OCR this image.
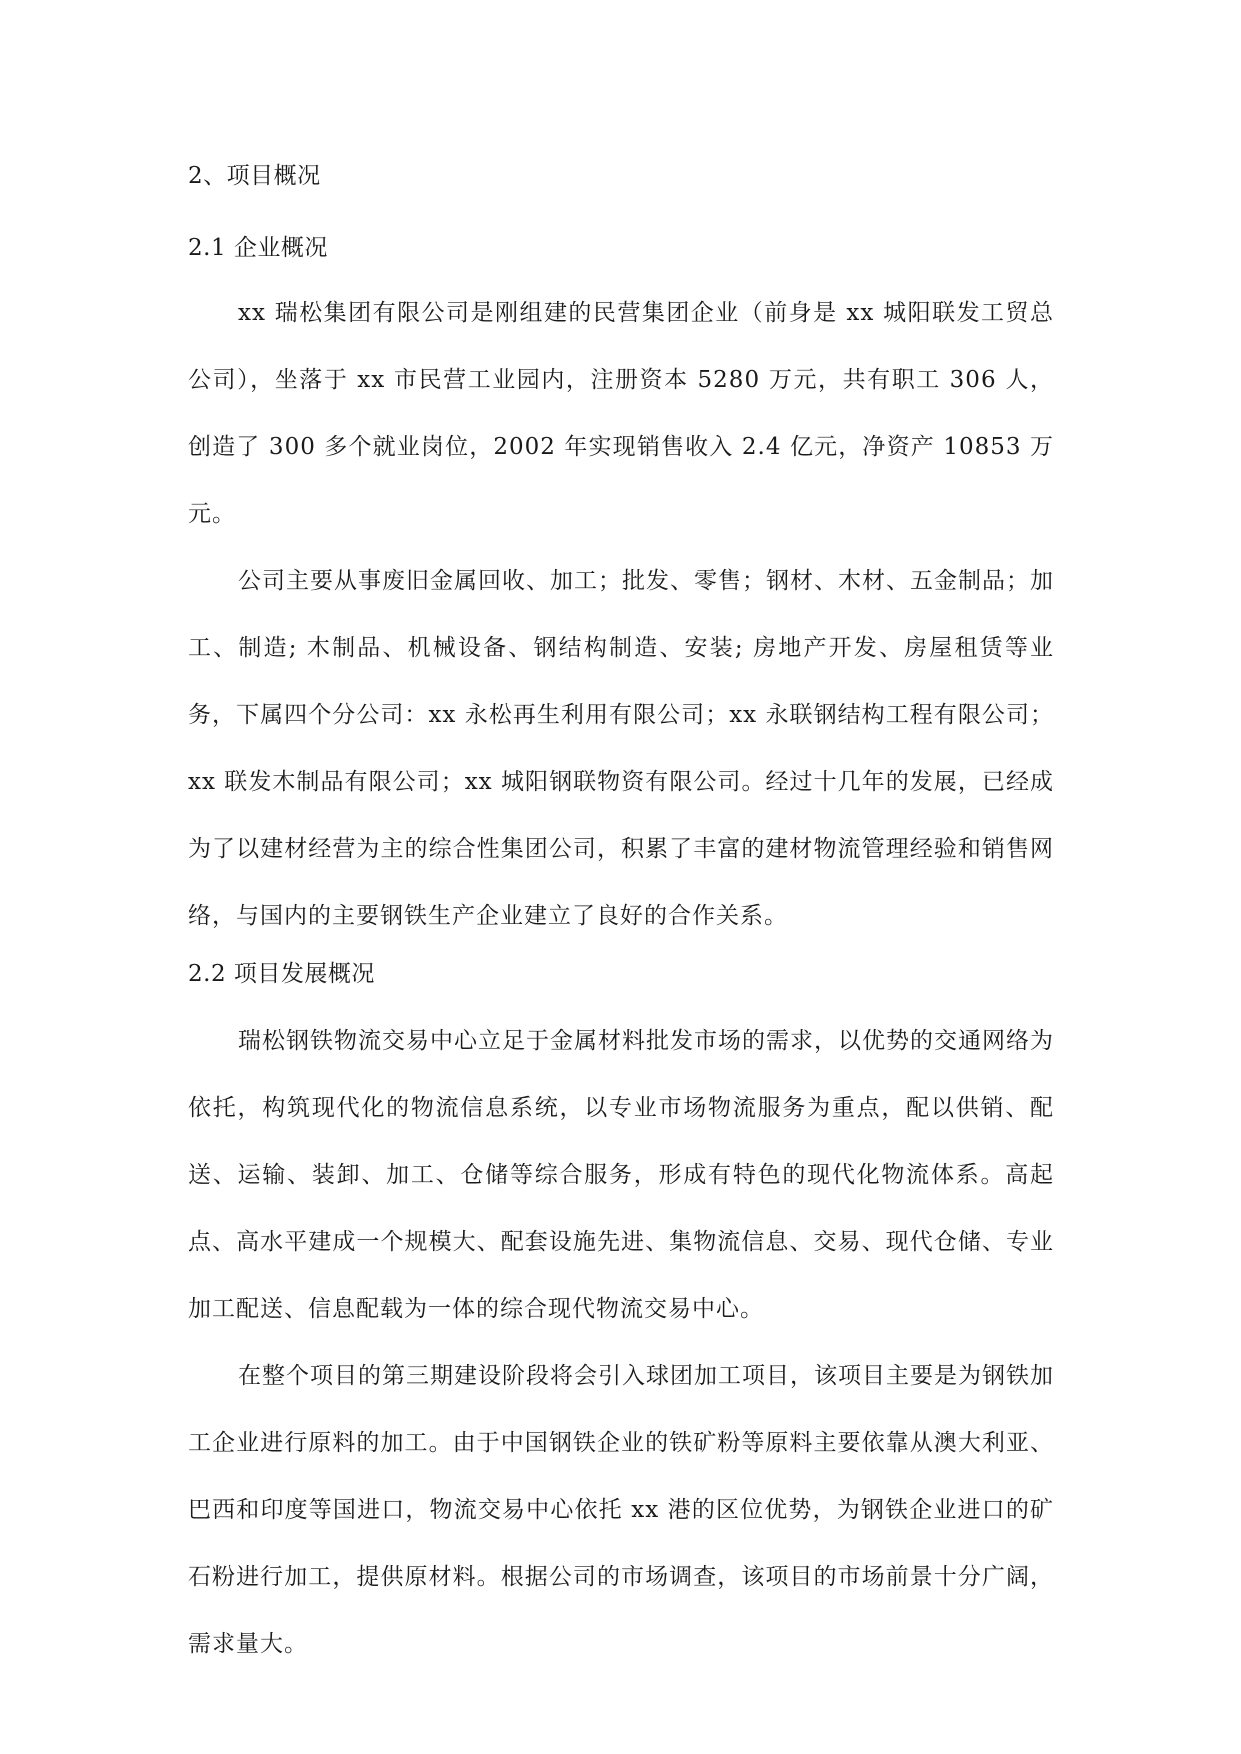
2、项目概况
2.1 企业概况

xx 瑞松集团有限公司是刚组建的民营集团企业（前身是 xx 城阳联发工贸总公司），坐落于 xx 市民营工业园内，注册资本 5280 万元，共有职工 306 人，创造了 300 多个就业岗位，2002 年实现销售收入 2.4 亿元，净资产 10853 万元。

公司主要从事废旧金属回收、加工；批发、零售；钢材、木材、五金制品；加工、制造; 木制品、机械设备、钢结构制造、安装; 房地产开发、房屋租赁等业务，下属四个分公司：xx 永松再生利用有限公司；xx 永联钢结构工程有限公司；xx 联发木制品有限公司；xx 城阳钢联物资有限公司。经过十几年的发展，已经成为了以建材经营为主的综合性集团公司，积累了丰富的建材物流管理经验和销售网络，与国内的主要钢铁生产企业建立了良好的合作关系。

2.2 项目发展概况

瑞松钢铁物流交易中心立足于金属材料批发市场的需求，以优势的交通网络为依托，构筑现代化的物流信息系统，以专业市场物流服务为重点，配以供销、配送、运输、装卸、加工、仓储等综合服务，形成有特色的现代化物流体系。高起点、高水平建成一个规模大、配套设施先进、集物流信息、交易、现代仓储、专业加工配送、信息配载为一体的综合现代物流交易中心。

在整个项目的第三期建设阶段将会引入球团加工项目，该项目主要是为钢铁加工企业进行原料的加工。由于中国钢铁企业的铁矿粉等原料主要依靠从澳大利亚、巴西和印度等国进口，物流交易中心依托 xx 港的区位优势，为钢铁企业进口的矿石粉进行加工，提供原材料。根据公司的市场调查，该项目的市场前景十分广阔，需求量大。
